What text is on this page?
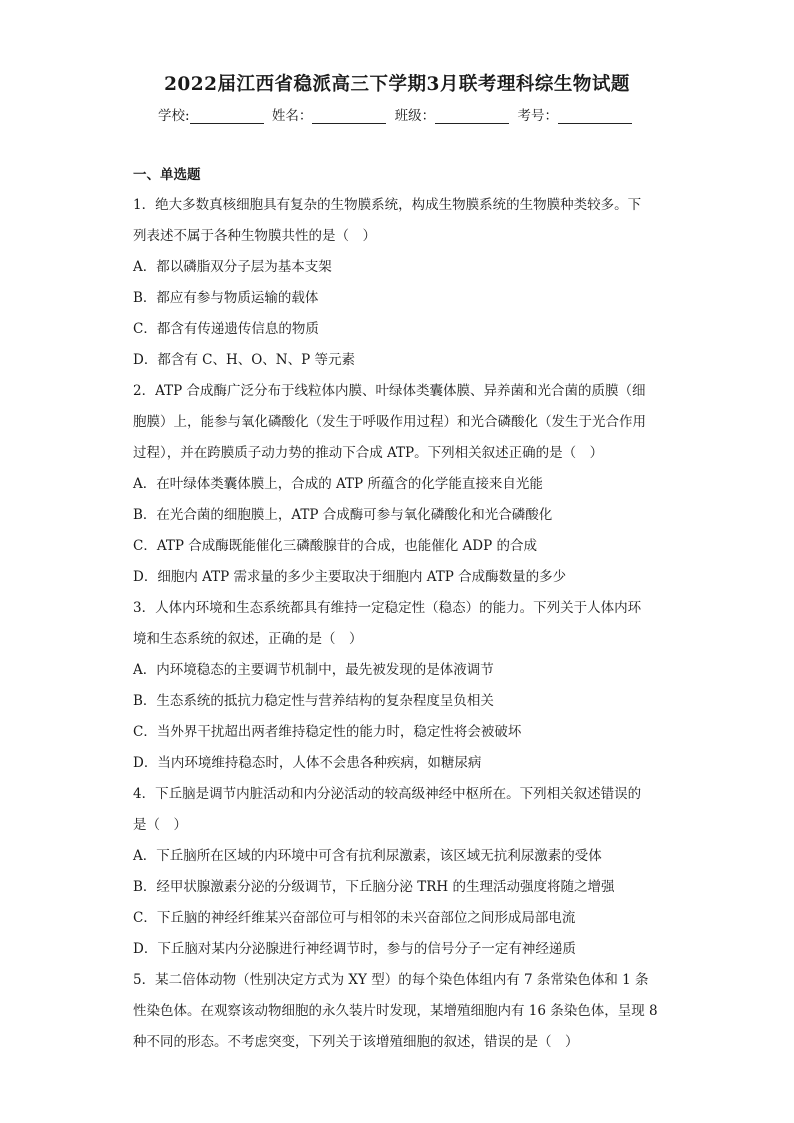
2022届江西省稳派高三下学期3月联考理科综生物试题
学校:	姓名：	班级：	考号：
一、单选题
1．绝大多数真核细胞具有复杂的生物膜系统，构成生物膜系统的生物膜种类较多。下
列表述不属于各种生物膜共性的是（　）
A．都以磷脂双分子层为基本支架
B．都应有参与物质运输的载体
C．都含有传递遗传信息的物质
D．都含有 C、H、O、N、P 等元素
2．ATP 合成酶广泛分布于线粒体内膜、叶绿体类囊体膜、异养菌和光合菌的质膜（细
胞膜）上，能参与氧化磷酸化（发生于呼吸作用过程）和光合磷酸化（发生于光合作用
过程），并在跨膜质子动力势的推动下合成 ATP。下列相关叙述正确的是（　）
A．在叶绿体类囊体膜上，合成的 ATP 所蕴含的化学能直接来自光能
B．在光合菌的细胞膜上，ATP 合成酶可参与氧化磷酸化和光合磷酸化
C．ATP 合成酶既能催化三磷酸腺苷的合成，也能催化 ADP 的合成
D．细胞内 ATP 需求量的多少主要取决于细胞内 ATP 合成酶数量的多少
3．人体内环境和生态系统都具有维持一定稳定性（稳态）的能力。下列关于人体内环
境和生态系统的叙述，正确的是（　）
A．内环境稳态的主要调节机制中，最先被发现的是体液调节
B．生态系统的抵抗力稳定性与营养结构的复杂程度呈负相关
C．当外界干扰超出两者维持稳定性的能力时，稳定性将会被破坏
D．当内环境维持稳态时，人体不会患各种疾病，如糖尿病
4．下丘脑是调节内脏活动和内分泌活动的较高级神经中枢所在。下列相关叙述错误的
是（　）
A．下丘脑所在区域的内环境中可含有抗利尿激素，该区域无抗利尿激素的受体
B．经甲状腺激素分泌的分级调节，下丘脑分泌 TRH 的生理活动强度将随之增强
C．下丘脑的神经纤维某兴奋部位可与相邻的未兴奋部位之间形成局部电流
D．下丘脑对某内分泌腺进行神经调节时，参与的信号分子一定有神经递质
5．某二倍体动物（性别决定方式为 XY 型）的每个染色体组内有 7 条常染色体和 1 条
性染色体。在观察该动物细胞的永久装片时发现，某增殖细胞内有 16 条染色体，呈现 8
种不同的形态。不考虑突变，下列关于该增殖细胞的叙述，错误的是（　）
